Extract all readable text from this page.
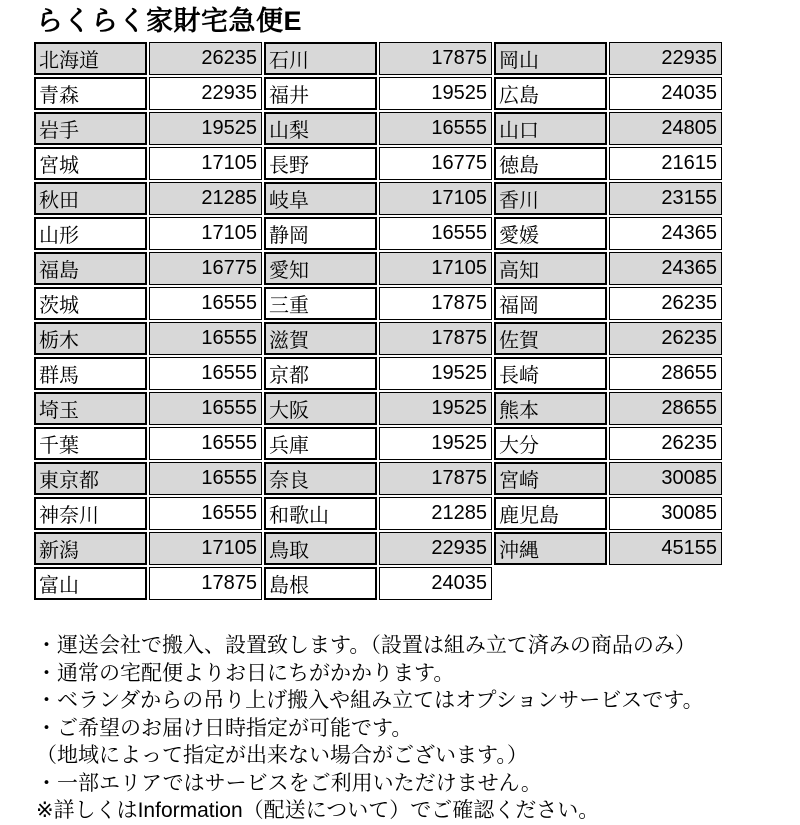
らくらく家財宅急便E
北海道	26235	石川	17875	岡山	22935
青森	22935	福井	19525	広島	24035
岩手	19525	山梨	16555	山口	24805
宮城	17105	長野	16775	徳島	21615
秋田	21285	岐阜	17105	香川	23155
山形	17105	静岡	16555	愛媛	24365
福島	16775	愛知	17105	高知	24365
茨城	16555	三重	17875	福岡	26235
栃木	16555	滋賀	17875	佐賀	26235
群馬	16555	京都	19525	長崎	28655
埼玉	16555	大阪	19525	熊本	28655
千葉	16555	兵庫	19525	大分	26235
東京都	16555	奈良	17875	宮崎	30085
神奈川	16555	和歌山	21285	鹿児島	30085
新潟	17105	鳥取	22935	沖縄	45155
富山	17875	島根	24035		
・運送会社で搬入、設置致します。（設置は組み立て済みの商品のみ）
・通常の宅配便よりお日にちがかかります。
・ベランダからの吊り上げ搬入や組み立てはオプションサービスです。
・ご希望のお届け日時指定が可能です。
（地域によって指定が出来ない場合がございます。）
・一部エリアではサービスをご利用いただけません。
※詳しくはInformation（配送について）でご確認ください。
